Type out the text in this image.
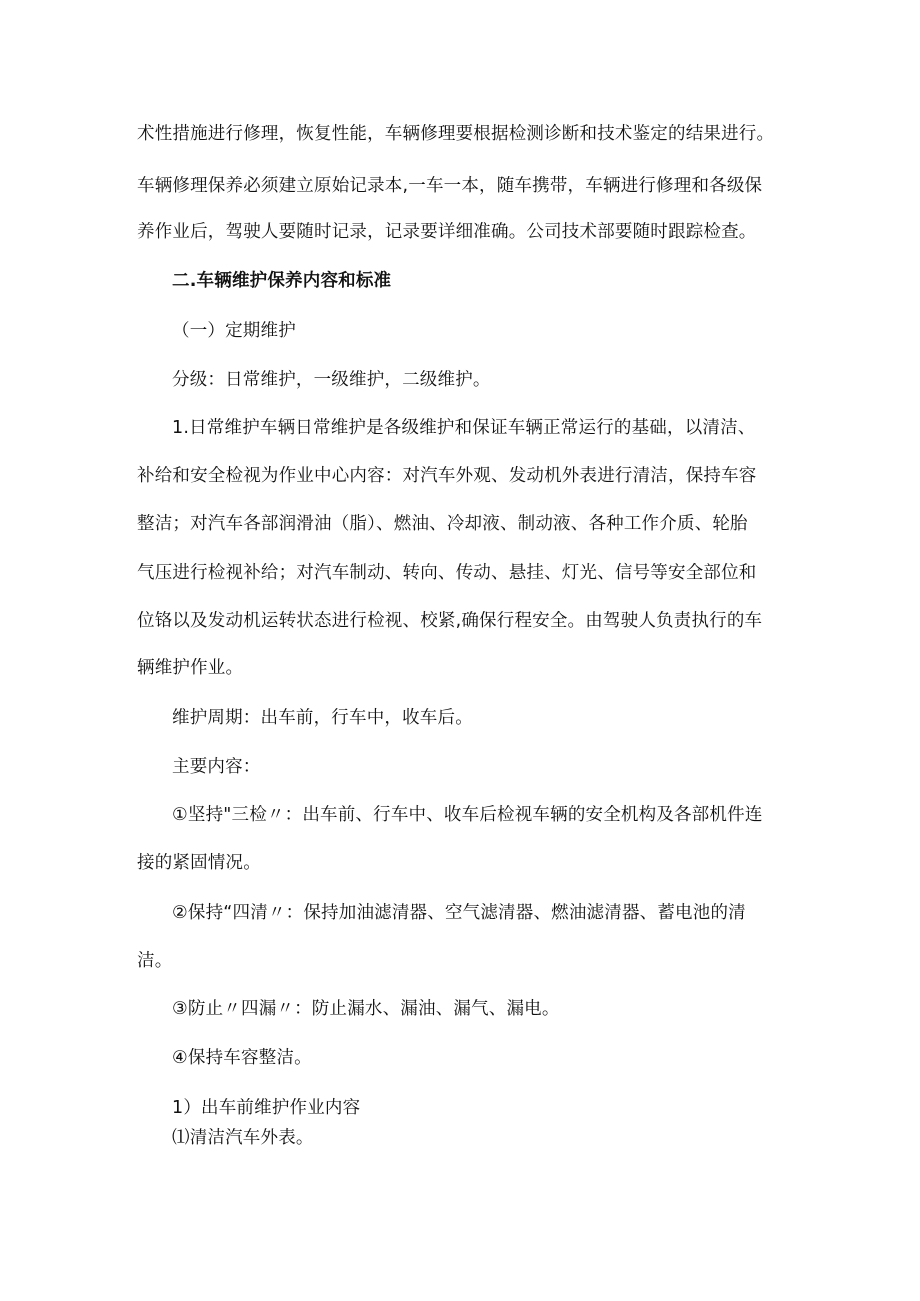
术性措施进行修理，恢复性能，车辆修理要根据检测诊断和技术鉴定的结果进行。
车辆修理保养必须建立原始记录本,一车一本，随车携带，车辆进行修理和各级保
养作业后，驾驶人要随时记录，记录要详细准确。公司技术部要随时跟踪检查。
二.车辆维护保养内容和标准
（一）定期维护
分级：日常维护，一级维护，二级维护。
1.日常维护车辆日常维护是各级维护和保证车辆正常运行的基础，以清洁、
补给和安全检视为作业中心内容：对汽车外观、发动机外表进行清洁，保持车容
整洁；对汽车各部润滑油（脂）、燃油、冷却液、制动液、各种工作介质、轮胎
气压进行检视补给；对汽车制动、转向、传动、悬挂、灯光、信号等安全部位和
位铬以及发动机运转状态进行检视、校紧,确保行程安全。由驾驶人负责执行的车
辆维护作业。
维护周期：出车前，行车中，收车后。
主要内容：
①坚持"三检〃：出车前、行车中、收车后检视车辆的安全机构及各部机件连
接的紧固情况。
②保持“四清〃：保持加油滤清器、空气滤清器、燃油滤清器、蓄电池的清
洁。
③防止〃四漏〃：防止漏水、漏油、漏气、漏电。
④保持车容整洁。
1）出车前维护作业内容
⑴清洁汽车外表。
